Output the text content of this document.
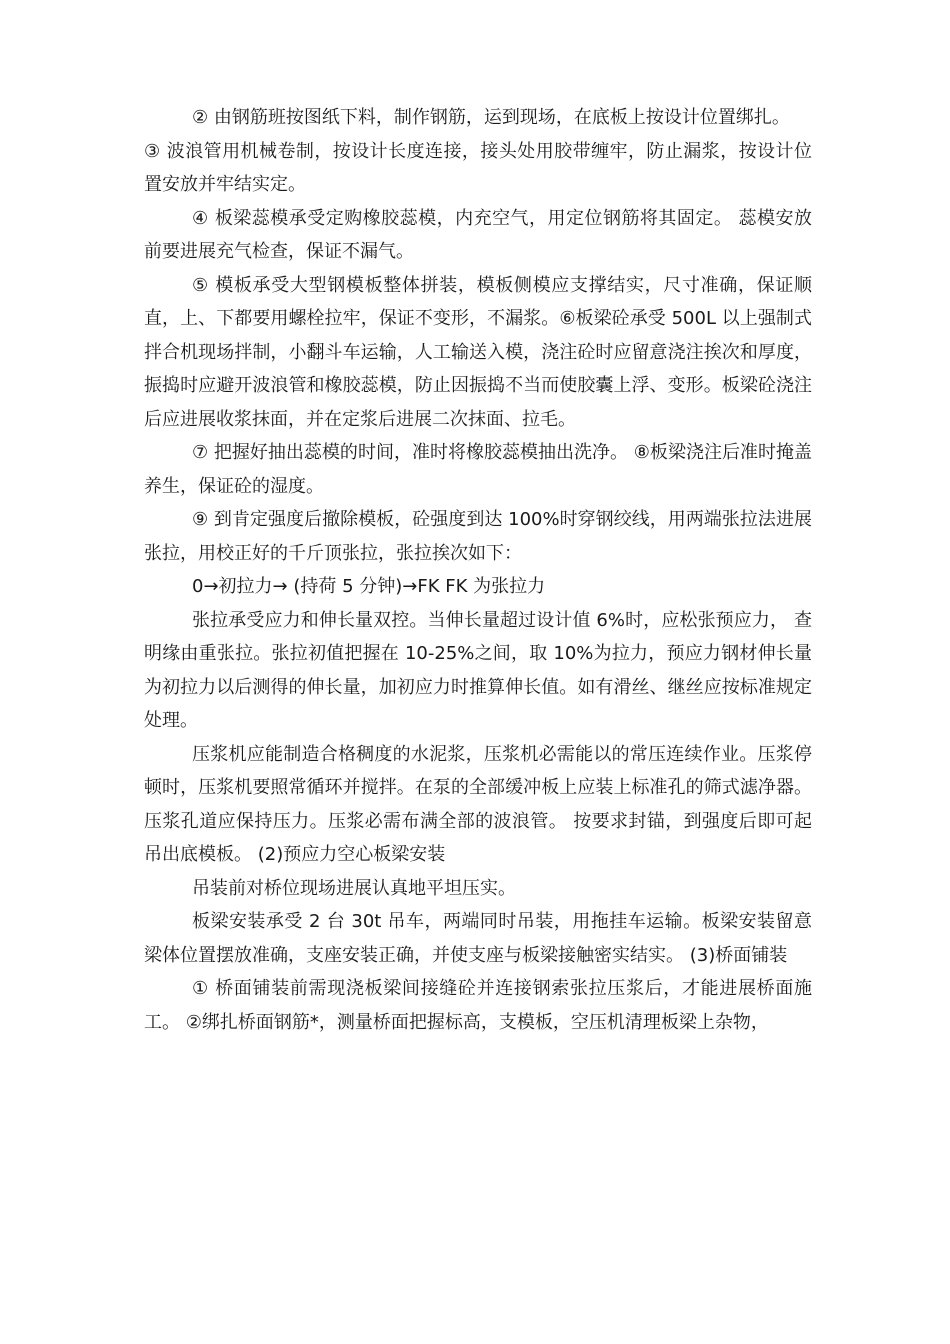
② 由钢筋班按图纸下料，制作钢筋，运到现场，在底板上按设计位置绑扎。

③ 波浪管用机械卷制，按设计长度连接，接头处用胶带缠牢，防止漏浆，按设计位置安放并牢结实定。

④ 板梁蕊模承受定购橡胶蕊模，内充空气，用定位钢筋将其固定。 蕊模安放前要进展充气检查，保证不漏气。

⑤ 模板承受大型钢模板整体拼装，模板侧模应支撑结实，尺寸准确，保证顺直，上、下都要用螺栓拉牢，保证不变形，不漏浆。⑥板梁砼承受 500L 以上强制式拌合机现场拌制，小翻斗车运输，人工输送入模，浇注砼时应留意浇注挨次和厚度，振捣时应避开波浪管和橡胶蕊模，防止因振捣不当而使胶囊上浮、变形。板梁砼浇注后应进展收浆抹面，并在定浆后进展二次抹面、拉毛。

⑦ 把握好抽出蕊模的时间，准时将橡胶蕊模抽出洗净。 ⑧板梁浇注后准时掩盖养生，保证砼的湿度。

⑨ 到肯定强度后撤除模板，砼强度到达 100%时穿钢绞线，用两端张拉法进展张拉，用校正好的千斤顶张拉，张拉挨次如下：

0→初拉力→ (持荷 5 分钟)→FK FK 为张拉力

张拉承受应力和伸长量双控。当伸长量超过设计值 6%时，应松张预应力， 查明缘由重张拉。张拉初值把握在 10-25%之间，取 10%为拉力，预应力钢材伸长量为初拉力以后测得的伸长量，加初应力时推算伸长值。如有滑丝、继丝应按标准规定处理。

压浆机应能制造合格稠度的水泥浆，压浆机必需能以的常压连续作业。压浆停顿时，压浆机要照常循环并搅拌。在泵的全部缓冲板上应装上标准孔的筛式滤净器。压浆孔道应保持压力。压浆必需布满全部的波浪管。 按要求封锚，到强度后即可起吊出底模板。 (2)预应力空心板梁安装

吊装前对桥位现场进展认真地平坦压实。

板梁安装承受 2 台 30t 吊车，两端同时吊装，用拖挂车运输。板梁安装留意梁体位置摆放准确，支座安装正确，并使支座与板梁接触密实结实。 (3)桥面铺装

① 桥面铺装前需现浇板梁间接缝砼并连接钢索张拉压浆后，才能进展桥面施工。 ②绑扎桥面钢筋*，测量桥面把握标高，支模板，空压机清理板梁上杂物，
